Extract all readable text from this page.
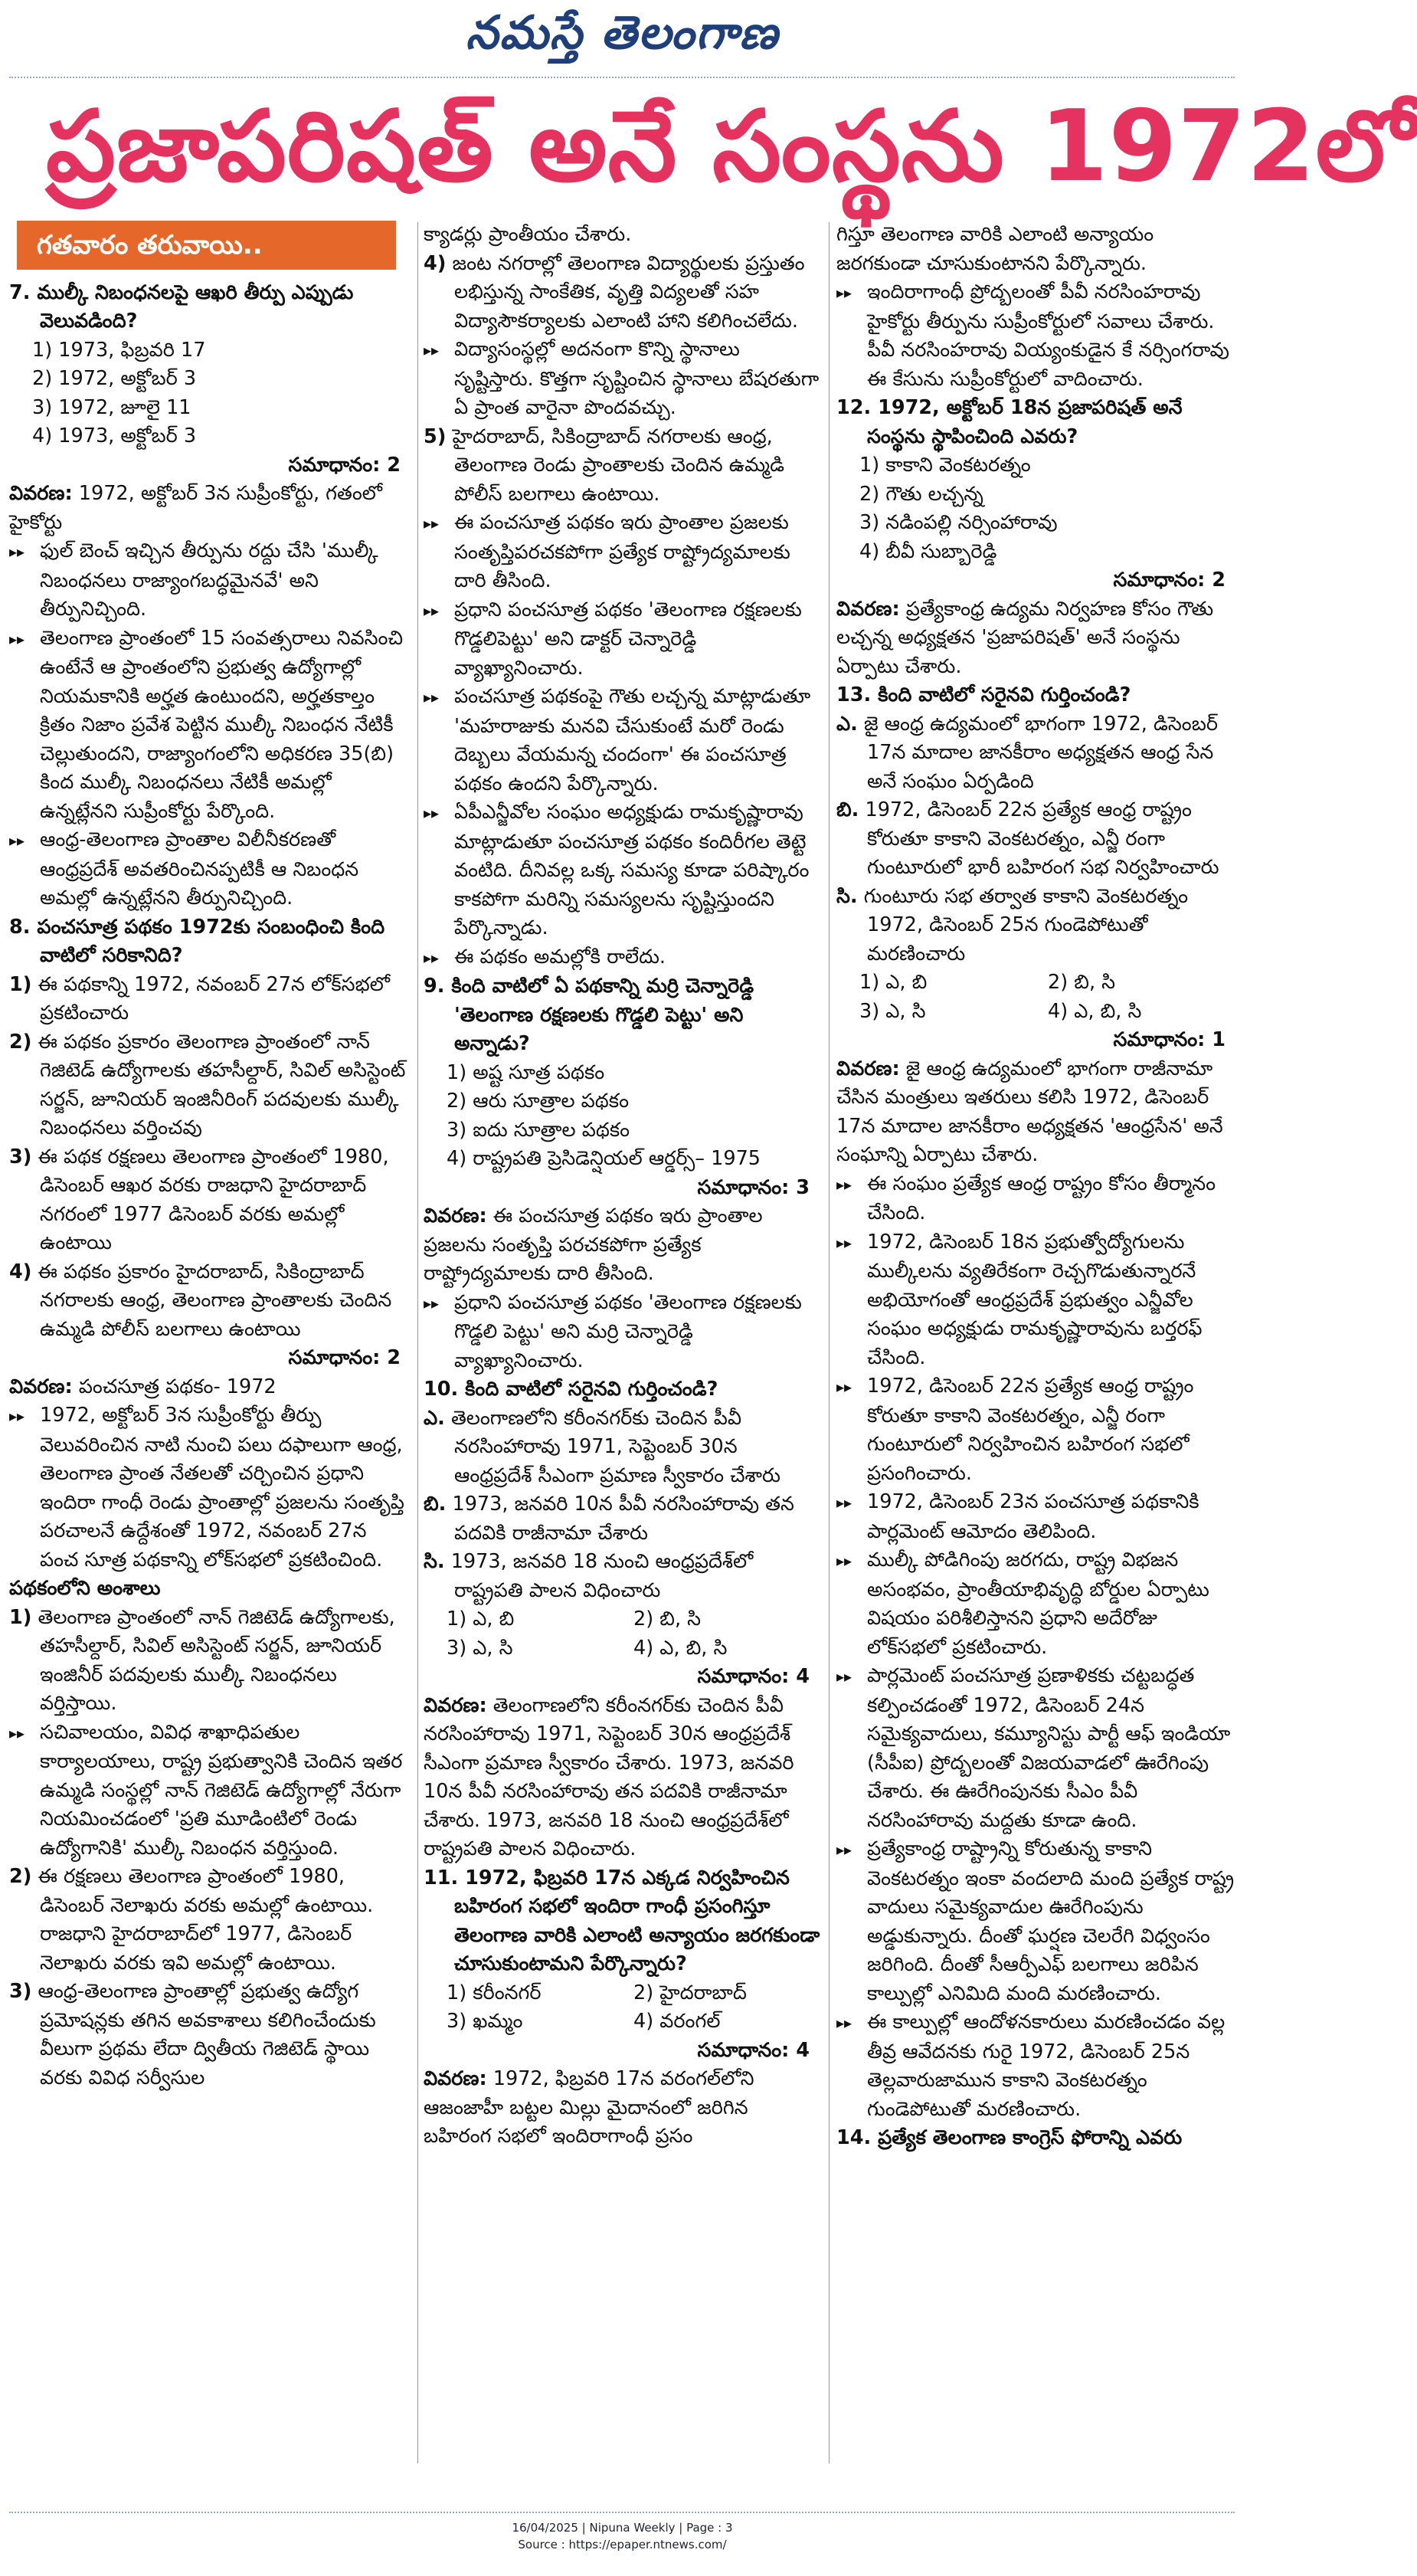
నమస్తే తెలంగాణ
ప్రజాపరిషత్ అనే సంస్థను 1972లో
గతవారం తరువాయి..
7. ముల్కీ నిబంధనలపై ఆఖరి తీర్పు ఎప్పుడు వెలువడింది?
1) 1973, ఫిబ్రవరి 17
2) 1972, అక్టోబర్ 3
3) 1972, జూలై 11
4) 1973, అక్టోబర్ 3
సమాధానం: 2
వివరణ: 1972, అక్టోబర్ 3న సుప్రీంకోర్టు, గతంలో హైకోర్టు
▸▸ ఫుల్ బెంచ్ ఇచ్చిన తీర్పును రద్దు చేసి 'ముల్కీ నిబంధనలు రాజ్యాంగబద్ధమైనవే' అని తీర్పునిచ్చింది.
▸▸ తెలంగాణ ప్రాంతంలో 15 సంవత్సరాలు నివసించి ఉంటేనే ఆ ప్రాంతంలోని ప్రభుత్వ ఉద్యోగాల్లో నియమకానికి అర్హత ఉంటుందని, అర్హతకాల్తం క్రితం నిజాం ప్రవేశ పెట్టిన ముల్కీ నిబంధన నేటికీ చెల్లుతుందని, రాజ్యాంగంలోని అధికరణ 35(బి) కింద ముల్కీ నిబంధనలు నేటికీ అమల్లో ఉన్నట్లేనని సుప్రీంకోర్టు పేర్కొంది.
▸▸ ఆంధ్ర-తెలంగాణ ప్రాంతాల విలీనీకరణతో ఆంధ్రప్రదేశ్ అవతరించినప్పటికీ ఆ నిబంధన అమల్లో ఉన్నట్లేనని తీర్పునిచ్చింది.
8. పంచసూత్ర పథకం 1972కు సంబంధించి కింది వాటిలో సరికానిది?
1) ఈ పథకాన్ని 1972, నవంబర్ 27న లోక్‌సభలో ప్రకటించారు
2) ఈ పథకం ప్రకారం తెలంగాణ ప్రాంతంలో నాన్ గెజిటెడ్ ఉద్యోగాలకు తహసీల్దార్, సివిల్ అసిస్టెంట్ సర్జన్, జూనియర్ ఇంజినీరింగ్ పదవులకు ముల్కీ నిబంధనలు వర్తించవు
3) ఈ పథక రక్షణలు తెలంగాణ ప్రాంతంలో 1980, డిసెంబర్ ఆఖర వరకు రాజధాని హైదరాబాద్ నగరంలో 1977 డిసెంబర్ వరకు అమల్లో ఉంటాయి
4) ఈ పథకం ప్రకారం హైదరాబాద్, సికింద్రాబాద్ నగరాలకు ఆంధ్ర, తెలంగాణ ప్రాంతాలకు చెందిన ఉమ్మడి పోలీస్ బలగాలు ఉంటాయి
సమాధానం: 2
వివరణ: పంచసూత్ర పథకం- 1972
▸▸ 1972, అక్టోబర్ 3న సుప్రీంకోర్టు తీర్పు వెలువరించిన నాటి నుంచి పలు దఫాలుగా ఆంధ్ర, తెలంగాణ ప్రాంత నేతలతో చర్చించిన ప్రధాని ఇందిరా గాంధీ రెండు ప్రాంతాల్లో ప్రజలను సంతృప్తి పరచాలనే ఉద్దేశంతో 1972, నవంబర్ 27న పంచ సూత్ర పథకాన్ని లోక్‌సభలో ప్రకటించింది.
పథకంలోని అంశాలు
1) తెలంగాణ ప్రాంతంలో నాన్ గెజిటెడ్ ఉద్యోగాలకు, తహసీల్దార్, సివిల్ అసిస్టెంట్ సర్జన్, జూనియర్ ఇంజినీర్ పదవులకు ముల్కీ నిబంధనలు వర్తిస్తాయి.
▸▸ సచివాలయం, వివిధ శాఖాధిపతుల కార్యాలయాలు, రాష్ట్ర ప్రభుత్వానికి చెందిన ఇతర ఉమ్మడి సంస్థల్లో నాన్ గెజిటెడ్ ఉద్యోగాల్లో నేరుగా నియమించడంలో 'ప్రతి మూడింటిలో రెండు ఉద్యోగానికి' ముల్కీ నిబంధన వర్తిస్తుంది.
2) ఈ రక్షణలు తెలంగాణ ప్రాంతంలో 1980, డిసెంబర్ నెలాఖరు వరకు అమల్లో ఉంటాయి. రాజధాని హైదరాబాద్‌లో 1977, డిసెంబర్ నెలాఖరు వరకు ఇవి అమల్లో ఉంటాయి.
3) ఆంధ్ర-తెలంగాణ ప్రాంతాల్లో ప్రభుత్వ ఉద్యోగ ప్రమోషన్లకు తగిన అవకాశాలు కలిగించేందుకు వీలుగా ప్రథమ లేదా ద్వితీయ గెజిటెడ్ స్థాయి వరకు వివిధ సర్వీసుల
క్యాడర్లు ప్రాంతీయం చేశారు.
4) జంట నగరాల్లో తెలంగాణ విద్యార్థులకు ప్రస్తుతం లభిస్తున్న సాంకేతిక, వృత్తి విద్యలతో సహ విద్యాసౌకర్యాలకు ఎలాంటి హాని కలిగించలేదు.
▸▸ విద్యాసంస్థల్లో అదనంగా కొన్ని స్థానాలు సృష్టిస్తారు. కొత్తగా సృష్టించిన స్థానాలు బేషరతుగా ఏ ప్రాంత వారైనా పొందవచ్చు.
5) హైదరాబాద్, సికింద్రాబాద్ నగరాలకు ఆంధ్ర, తెలంగాణ రెండు ప్రాంతాలకు చెందిన ఉమ్మడి పోలీస్ బలగాలు ఉంటాయి.
▸▸ ఈ పంచసూత్ర పథకం ఇరు ప్రాంతాల ప్రజలకు సంతృప్తిపరచకపోగా ప్రత్యేక రాష్ట్రోద్యమాలకు దారి తీసింది.
▸▸ ప్రధాని పంచసూత్ర పథకం 'తెలంగాణ రక్షణలకు గొడ్డలిపెట్టు' అని డాక్టర్ చెన్నారెడ్డి వ్యాఖ్యానించారు.
▸▸ పంచసూత్ర పథకంపై గౌతు లచ్చన్న మాట్లాడుతూ 'మహరాజుకు మనవి చేసుకుంటే మరో రెండు దెబ్బలు వేయమన్న చందంగా' ఈ పంచసూత్ర పథకం ఉందని పేర్కొన్నారు.
▸▸ ఏపీఎన్జీవోల సంఘం అధ్యక్షుడు రామకృష్ణారావు మాట్లాడుతూ పంచసూత్ర పథకం కందిరీగల తెట్టె వంటిది. దీనివల్ల ఒక్క సమస్య కూడా పరిష్కారం కాకపోగా మరిన్ని సమస్యలను సృష్టిస్తుందని పేర్కొన్నాడు.
▸▸ ఈ పథకం అమల్లోకి రాలేదు.
9. కింది వాటిలో ఏ పథకాన్ని మర్రి చెన్నారెడ్డి 'తెలంగాణ రక్షణలకు గొడ్డలి పెట్టు' అని అన్నాడు?
1) అష్ట సూత్ర పథకం
2) ఆరు సూత్రాల పథకం
3) ఐదు సూత్రాల పథకం
4) రాష్ట్రపతి ప్రెసిడెన్షియల్ ఆర్డర్స్– 1975
సమాధానం: 3
వివరణ: ఈ పంచసూత్ర పథకం ఇరు ప్రాంతాల ప్రజలను సంతృప్తి పరచకపోగా ప్రత్యేక రాష్ట్రోద్యమాలకు దారి తీసింది.
▸▸ ప్రధాని పంచసూత్ర పథకం 'తెలంగాణ రక్షణలకు గొడ్డలి పెట్టు' అని మర్రి చెన్నారెడ్డి వ్యాఖ్యానించారు.
10. కింది వాటిలో సరైనవి గుర్తించండి?
ఎ. తెలంగాణలోని కరీంనగర్‌కు చెందిన పీవీ నరసింహారావు 1971, సెప్టెంబర్ 30న ఆంధ్రప్రదేశ్ సీఎంగా ప్రమాణ స్వీకారం చేశారు
బి. 1973, జనవరి 10న పీవీ నరసింహారావు తన పదవికి రాజీనామా చేశారు
సి. 1973, జనవరి 18 నుంచి ఆంధ్రప్రదేశ్‌లో రాష్ట్రపతి పాలన విధించారు
1) ఎ, బి	2) బి, సి
3) ఎ, సి	4) ఎ, బి, సి
సమాధానం: 4
వివరణ: తెలంగాణలోని కరీంనగర్‌కు చెందిన పీవీ నరసింహారావు 1971, సెప్టెంబర్ 30న ఆంధ్రప్రదేశ్ సీఎంగా ప్రమాణ స్వీకారం చేశారు. 1973, జనవరి 10న పీవీ నరసింహారావు తన పదవికి రాజీనామా చేశారు. 1973, జనవరి 18 నుంచి ఆంధ్రప్రదేశ్‌లో రాష్ట్రపతి పాలన విధించారు.
11. 1972, ఫిబ్రవరి 17న ఎక్కడ నిర్వహించిన బహిరంగ సభలో ఇందిరా గాంధీ ప్రసంగిస్తూ తెలంగాణ వారికి ఎలాంటి అన్యాయం జరగకుండా చూసుకుంటామని పేర్కొన్నారు?
1) కరీంనగర్	2) హైదరాబాద్
3) ఖమ్మం	4) వరంగల్
సమాధానం: 4
వివరణ: 1972, ఫిబ్రవరి 17న వరంగల్‌లోని ఆజంజాహీ బట్టల మిల్లు మైదానంలో జరిగిన బహిరంగ సభలో ఇందిరాగాంధీ ప్రసం
గిస్తూ తెలంగాణ వారికి ఎలాంటి అన్యాయం జరగకుండా చూసుకుంటానని పేర్కొన్నారు.
▸▸ ఇందిరాగాంధీ ప్రోద్బలంతో పీవీ నరసింహరావు హైకోర్టు తీర్పును సుప్రీంకోర్టులో సవాలు చేశారు. పీవీ నరసింహరావు వియ్యంకుడైన కే నర్సింగరావు ఈ కేసును సుప్రీంకోర్టులో వాదించారు.
12. 1972, అక్టోబర్ 18న ప్రజాపరిషత్ అనే సంస్థను స్థాపించింది ఎవరు?
1) కాకాని వెంకటరత్నం
2) గౌతు లచ్చన్న
3) నడింపల్లి నర్సింహారావు
4) బీవీ సుబ్బారెడ్డి
సమాధానం: 2
వివరణ: ప్రత్యేకాంధ్ర ఉద్యమ నిర్వహణ కోసం గౌతు లచ్చన్న అధ్యక్షతన 'ప్రజాపరిషత్' అనే సంస్థను ఏర్పాటు చేశారు.
13. కింది వాటిలో సరైనవి గుర్తించండి?
ఎ. జై ఆంధ్ర ఉద్యమంలో భాగంగా 1972, డిసెంబర్ 17న మాదాల జానకీరాం అధ్యక్షతన ఆంధ్ర సేన అనే సంఘం ఏర్పడింది
బి. 1972, డిసెంబర్ 22న ప్రత్యేక ఆంధ్ర రాష్ట్రం కోరుతూ కాకాని వెంకటరత్నం, ఎన్జీ రంగా గుంటూరులో భారీ బహిరంగ సభ నిర్వహించారు
సి. గుంటూరు సభ తర్వాత కాకాని వెంకటరత్నం 1972, డిసెంబర్ 25న గుండెపోటుతో మరణించారు
1) ఎ, బి	2) బి, సి
3) ఎ, సి	4) ఎ, బి, సి
సమాధానం: 1
వివరణ: జై ఆంధ్ర ఉద్యమంలో భాగంగా రాజీనామా చేసిన మంత్రులు ఇతరులు కలిసి 1972, డిసెంబర్ 17న మాదాల జానకీరాం అధ్యక్షతన 'ఆంధ్రసేన' అనే సంఘాన్ని ఏర్పాటు చేశారు.
▸▸ ఈ సంఘం ప్రత్యేక ఆంధ్ర రాష్ట్రం కోసం తీర్మానం చేసింది.
▸▸ 1972, డిసెంబర్ 18న ప్రభుత్వోద్యోగులను ముల్కీలను వ్యతిరేకంగా రెచ్చగొడుతున్నారనే అభియోగంతో ఆంధ్రప్రదేశ్ ప్రభుత్వం ఎన్జీవోల సంఘం అధ్యక్షుడు రామకృష్ణారావును బర్తరఫ్ చేసింది.
▸▸ 1972, డిసెంబర్ 22న ప్రత్యేక ఆంధ్ర రాష్ట్రం కోరుతూ కాకాని వెంకటరత్నం, ఎన్జీ రంగా గుంటూరులో నిర్వహించిన బహిరంగ సభలో ప్రసంగించారు.
▸▸ 1972, డిసెంబర్ 23న పంచసూత్ర పథకానికి పార్లమెంట్ ఆమోదం తెలిపింది.
▸▸ ముల్కీ పోడిగింపు జరగదు, రాష్ట్ర విభజన అసంభవం, ప్రాంతీయాభివృద్ధి బోర్డుల ఏర్పాటు విషయం పరిశీలిస్తానని ప్రధాని అదేరోజు లోక్‌సభలో ప్రకటించారు.
▸▸ పార్లమెంట్ పంచసూత్ర ప్రణాళికకు చట్టబద్ధత కల్పించడంతో 1972, డిసెంబర్ 24న సమైక్యవాదులు, కమ్యూనిస్టు పార్టీ ఆఫ్ ఇండియా (సీపీఐ) ప్రోద్బలంతో విజయవాడలో ఊరేగింపు చేశారు. ఈ ఊరేగింపునకు సీఎం పీవీ నరసింహారావు మద్దతు కూడా ఉంది.
▸▸ ప్రత్యేకాంధ్ర రాష్ట్రాన్ని కోరుతున్న కాకాని వెంకటరత్నం ఇంకా వందలాది మంది ప్రత్యేక రాష్ట్ర వాదులు సమైక్యవాదుల ఊరేగింపును అడ్డుకున్నారు. దీంతో ఘర్షణ చెలరేగి విధ్వంసం జరిగింది. దీంతో సీఆర్పీఎఫ్ బలగాలు జరిపిన కాల్పుల్లో ఎనిమిది మంది మరణించారు.
▸▸ ఈ కాల్పుల్లో ఆందోళనకారులు మరణించడం వల్ల తీవ్ర ఆవేదనకు గురై 1972, డిసెంబర్ 25న తెల్లవారుజామున కాకాని వెంకటరత్నం గుండెపోటుతో మరణించారు.
14. ప్రత్యేక తెలంగాణ కాంగ్రెస్ ఫోరాన్ని ఎవరు
16/04/2025 | Nipuna Weekly | Page : 3
Source : https://epaper.ntnews.com/
